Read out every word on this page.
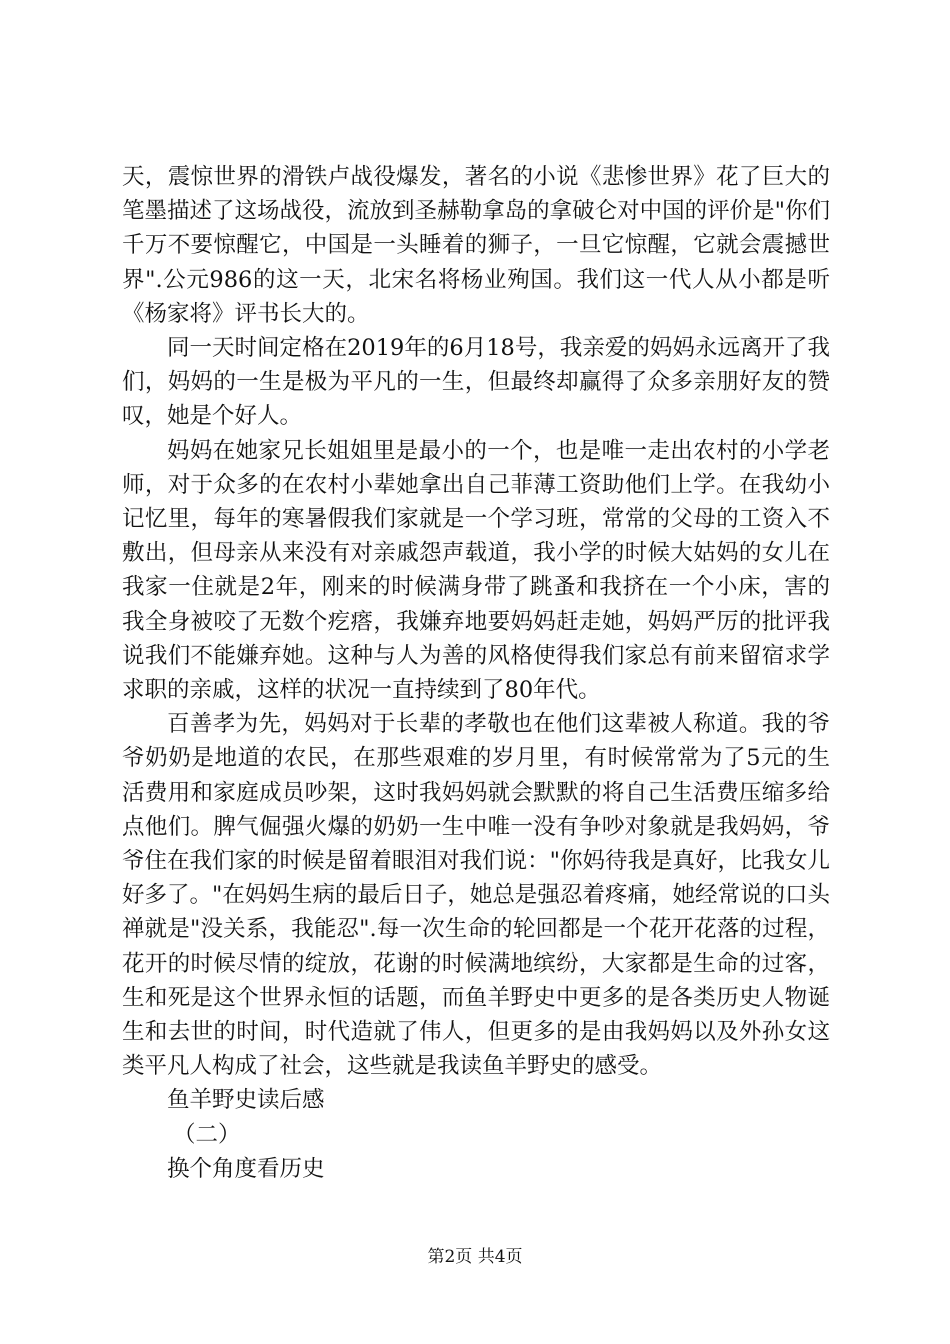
天，震惊世界的滑铁卢战役爆发，著名的小说《悲惨世界》花了巨大的笔墨描述了这场战役，流放到圣赫勒拿岛的拿破仑对中国的评价是"你们千万不要惊醒它，中国是一头睡着的狮子，一旦它惊醒，它就会震撼世界".公元986的这一天，北宋名将杨业殉国。我们这一代人从小都是听《杨家将》评书长大的。

同一天时间定格在2019年的6月18号，我亲爱的妈妈永远离开了我们，妈妈的一生是极为平凡的一生，但最终却赢得了众多亲朋好友的赞叹，她是个好人。

妈妈在她家兄长姐姐里是最小的一个，也是唯一走出农村的小学老师，对于众多的在农村小辈她拿出自己菲薄工资助他们上学。在我幼小记忆里，每年的寒暑假我们家就是一个学习班，常常的父母的工资入不敷出，但母亲从来没有对亲戚怨声载道，我小学的时候大姑妈的女儿在我家一住就是2年，刚来的时候满身带了跳蚤和我挤在一个小床，害的我全身被咬了无数个疙瘩，我嫌弃地要妈妈赶走她，妈妈严厉的批评我说我们不能嫌弃她。这种与人为善的风格使得我们家总有前来留宿求学求职的亲戚，这样的状况一直持续到了80年代。

百善孝为先，妈妈对于长辈的孝敬也在他们这辈被人称道。我的爷爷奶奶是地道的农民，在那些艰难的岁月里，有时候常常为了5元的生活费用和家庭成员吵架，这时我妈妈就会默默的将自己生活费压缩多给点他们。脾气倔强火爆的奶奶一生中唯一没有争吵对象就是我妈妈，爷爷住在我们家的时候是留着眼泪对我们说："你妈待我是真好，比我女儿好多了。"在妈妈生病的最后日子，她总是强忍着疼痛，她经常说的口头禅就是"没关系，我能忍".每一次生命的轮回都是一个花开花落的过程，花开的时候尽情的绽放，花谢的时候满地缤纷，大家都是生命的过客，生和死是这个世界永恒的话题，而鱼羊野史中更多的是各类历史人物诞生和去世的时间，时代造就了伟人，但更多的是由我妈妈以及外孙女这类平凡人构成了社会，这些就是我读鱼羊野史的感受。

鱼羊野史读后感

（二）

换个角度看历史

第2页 共4页
